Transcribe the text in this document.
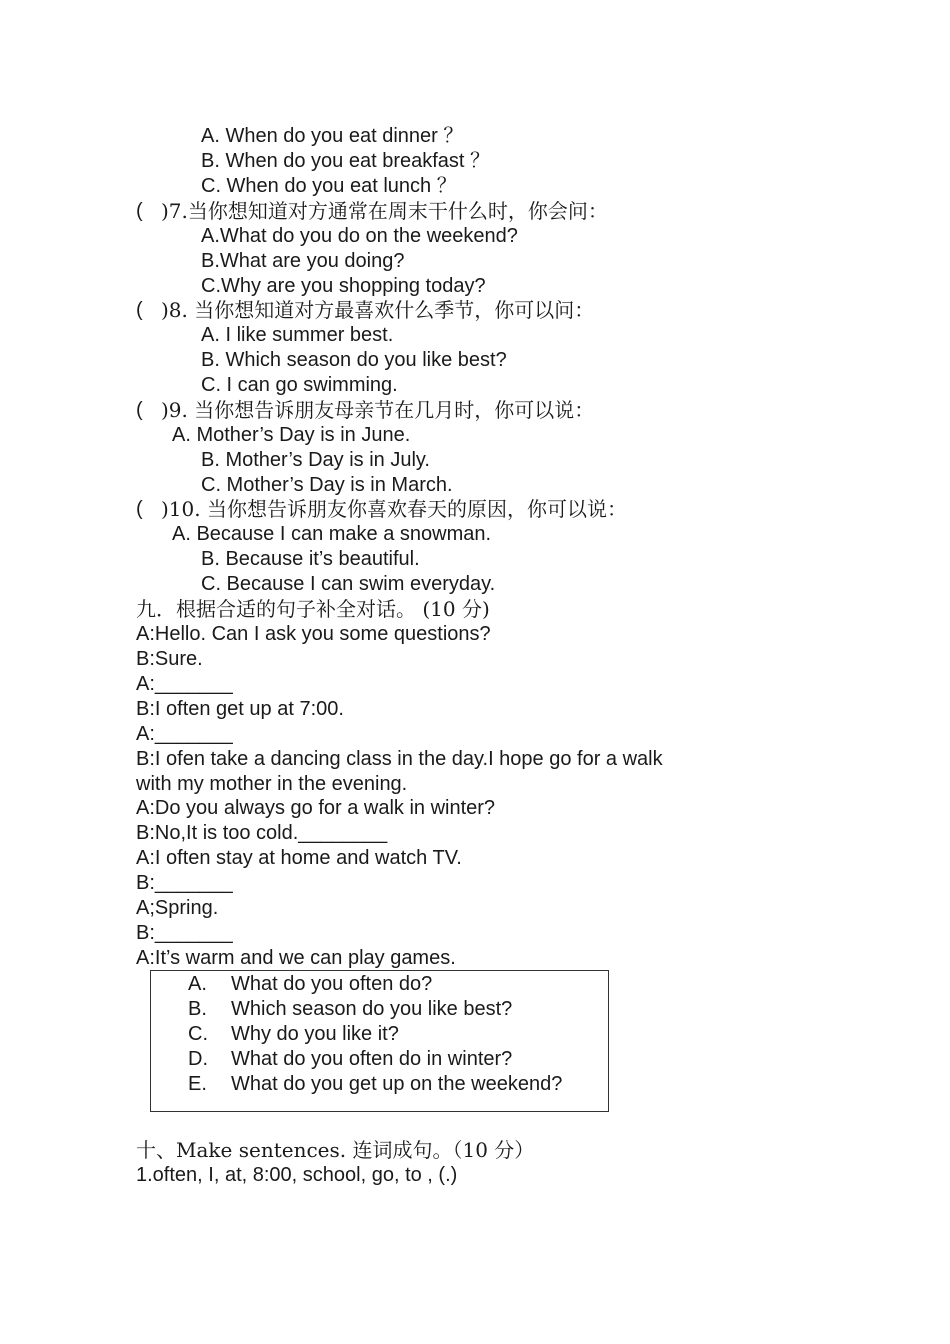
A. When do you eat dinner ？
B. When do you eat breakfast ？
C. When do you eat lunch ？
( )7.当你想知道对方通常在周末干什么时，你会问：
A.What do you do on the weekend?
B.What are you doing?
C.Why are you shopping today?
( )8. 当你想知道对方最喜欢什么季节，你可以问：
A. I like summer best.
B. Which season do you like best?
C. I can go swimming.
( )9. 当你想告诉朋友母亲节在几月时，你可以说：
A. Mother’s Day is in June.
B. Mother’s Day is in July.
C. Mother’s Day is in March.
( )10. 当你想告诉朋友你喜欢春天的原因，你可以说：
A. Because I can make a snowman.
B. Because it’s beautiful.
C. Because I can swim everyday.
九．根据合适的句子补全对话。 (10 分)
A:Hello. Can I ask you some questions?
B:Sure.
A:_______
B:I often get up at 7:00.
A:_______
B:I ofen take a dancing class in the day.I hope go for a walk
with my mother in the evening.
A:Do you always go for a walk in winter?
B:No,It is too cold.________
A:I often stay at home and watch TV.
B:_______
A;Spring.
B:_______
A:It’s warm and we can play games.
A. What do you often do?
B. Which season do you like best?
C. Why do you like it?
D. What do you often do in winter?
E. What do you get up on the weekend?
十、Make sentences. 连词成句。（10 分）
1.often, I, at, 8:00, school, go, to , (.)
